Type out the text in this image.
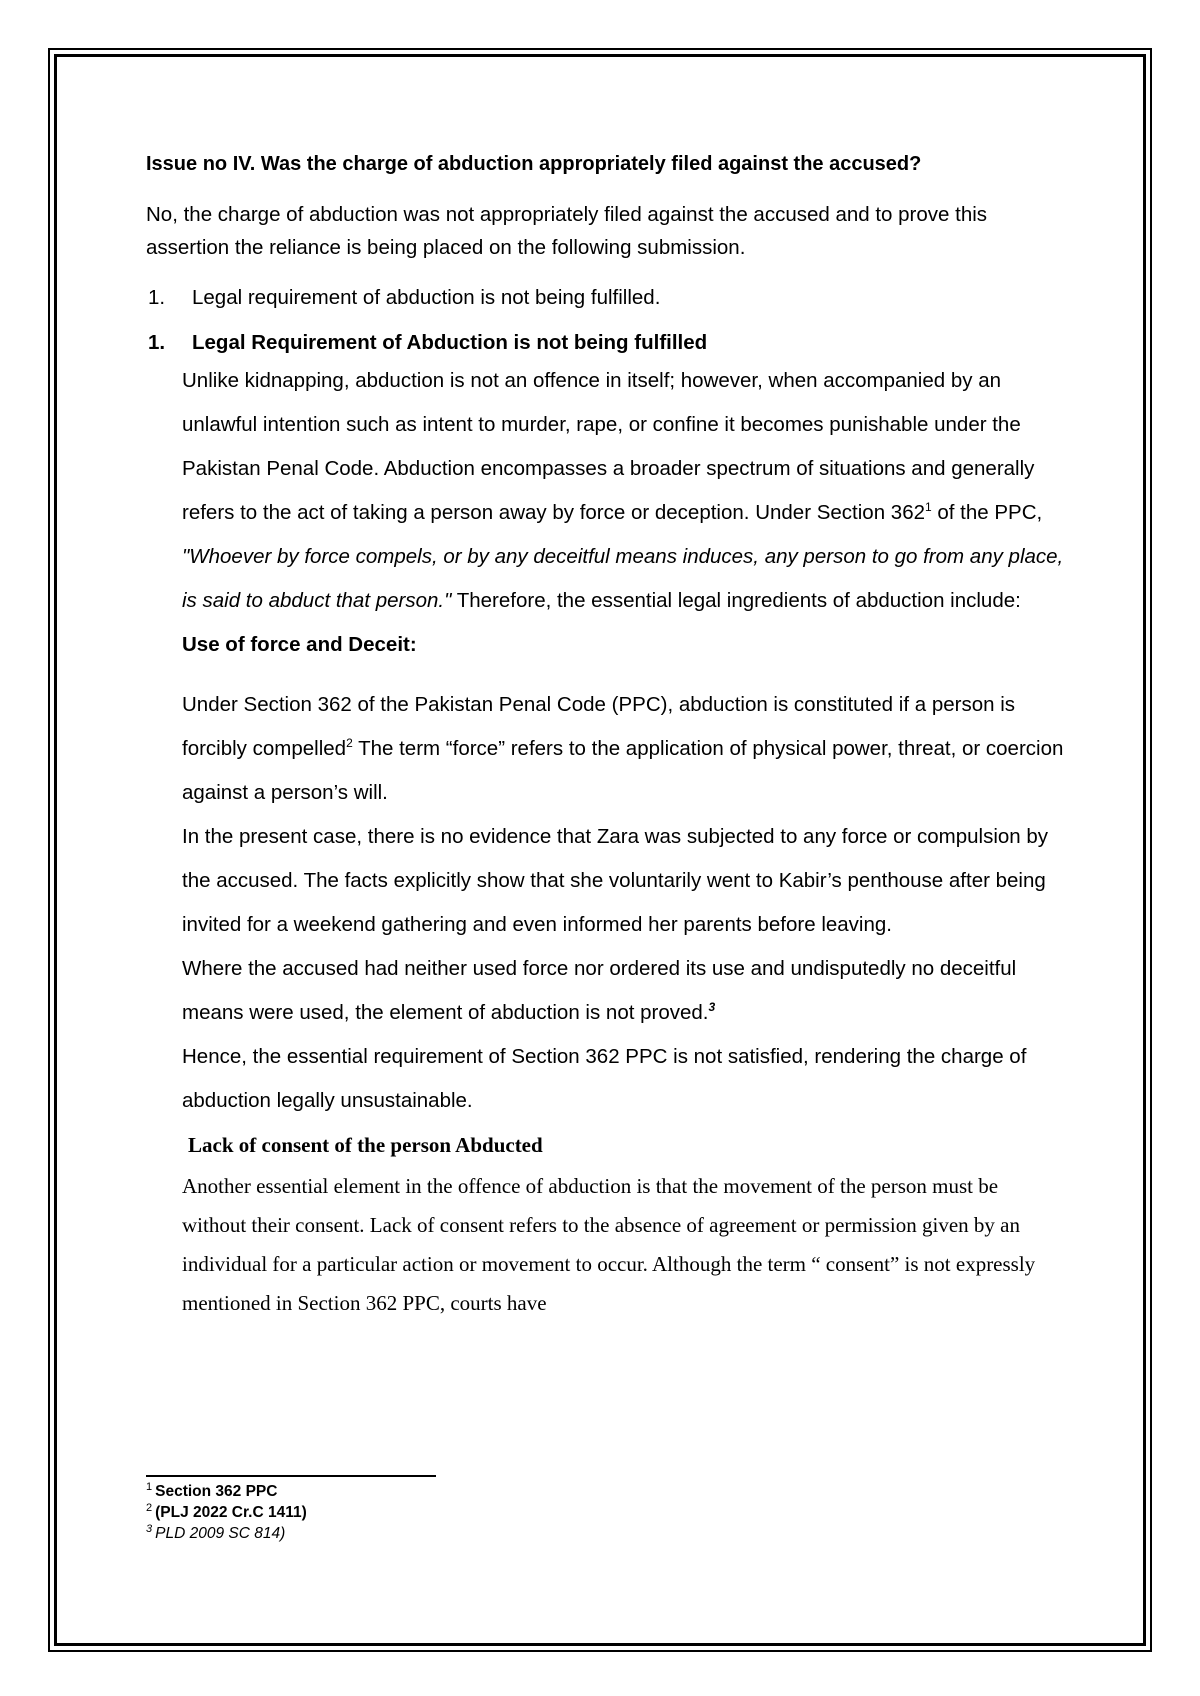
Issue no IV. Was the charge of abduction appropriately filed against the accused?

No, the charge of abduction was not appropriately filed against the accused and to prove this assertion the reliance is being placed on the following submission.

1.	Legal requirement of abduction is not being fulfilled.

1.	Legal Requirement of Abduction is not being fulfilled

Unlike kidnapping, abduction is not an offence in itself; however, when accompanied by an unlawful intention such as intent to murder, rape, or confine it becomes punishable under the Pakistan Penal Code. Abduction encompasses a broader spectrum of situations and generally refers to the act of taking a person away by force or deception. Under Section $362^1$ of the PPC, "Whoever by force compels, or by any deceitful means induces, any person to go from any place, is said to abduct that person." Therefore, the essential legal ingredients of abduction include:

Use of force and Deceit:

Under Section 362 of the Pakistan Penal Code (PPC), abduction is constituted if a person is forcibly compelled$^2$ The term “force” refers to the application of physical power, threat, or coercion against a person’s will.

In the present case, there is no evidence that Zara was subjected to any force or compulsion by the accused. The facts explicitly show that she voluntarily went to Kabir’s penthouse after being invited for a weekend gathering and even informed her parents before leaving.

Where the accused had neither used force nor ordered its use and undisputedly no deceitful means were used, the element of abduction is not proved.$^3$

Hence, the essential requirement of Section 362 PPC is not satisfied, rendering the charge of abduction legally unsustainable.

Lack of consent of the person Abducted

Another essential element in the offence of abduction is that the movement of the person must be without their consent. Lack of consent refers to the absence of agreement or permission given by an individual for a particular action or movement to occur. Although the term “ consent” is not expressly mentioned in Section 362 PPC, courts have

$^1$ Section 362 PPC

$^2$ (PLJ 2022 Cr.C 1411)

$^3$ PLD 2009 SC 814)
